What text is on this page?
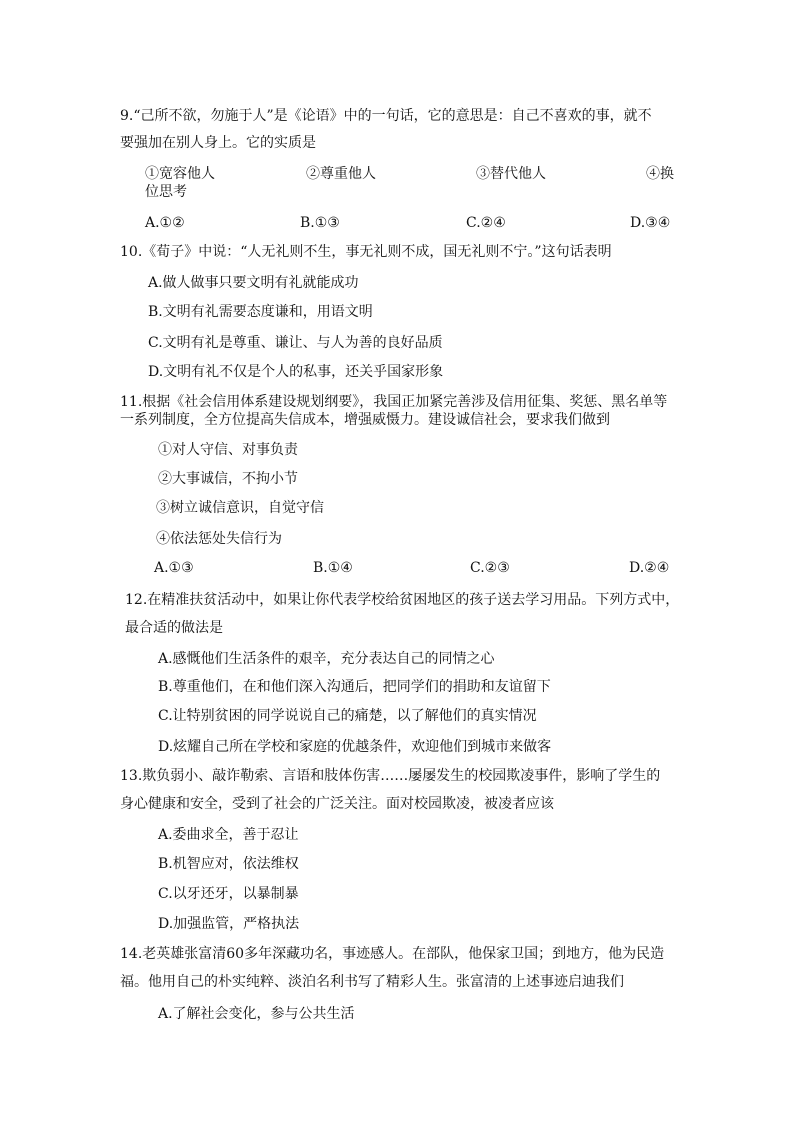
9.“己所不欲，勿施于人”是《论语》中的一句话，它的意思是：自己不喜欢的事，就不
要强加在别人身上。它的实质是
①宽容他人	②尊重他人	③替代他人	④换
位思考
A.①②	B.①③	C.②④	D.③④
10.《荀子》中说：“人无礼则不生，事无礼则不成，国无礼则不宁。”这句话表明
A.做人做事只要文明有礼就能成功
B.文明有礼需要态度谦和，用语文明
C.文明有礼是尊重、谦让、与人为善的良好品质
D.文明有礼不仅是个人的私事，还关乎国家形象
11.根据《社会信用体系建设规划纲要》，我国正加紧完善涉及信用征集、奖惩、黑名单等
一系列制度，全方位提高失信成本，增强威慑力。建设诚信社会，要求我们做到
①对人守信、对事负责
②大事诚信，不拘小节
③树立诚信意识，自觉守信
④依法惩处失信行为
A.①③	B.①④	C.②③	D.②④
12.在精准扶贫活动中，如果让你代表学校给贫困地区的孩子送去学习用品。下列方式中，
最合适的做法是
A.感慨他们生活条件的艰辛，充分表达自己的同情之心
B.尊重他们，在和他们深入沟通后，把同学们的捐助和友谊留下
C.让特别贫困的同学说说自己的痛楚，以了解他们的真实情况
D.炫耀自己所在学校和家庭的优越条件，欢迎他们到城市来做客
13.欺负弱小、敲诈勒索、言语和肢体伤害……屡屡发生的校园欺凌事件，影响了学生的
身心健康和安全，受到了社会的广泛关注。面对校园欺凌，被凌者应该
A.委曲求全，善于忍让
B.机智应对，依法维权
C.以牙还牙，以暴制暴
D.加强监管，严格执法
14.老英雄张富清60多年深藏功名，事迹感人。在部队，他保家卫国；到地方，他为民造
福。他用自己的朴实纯粹、淡泊名利书写了精彩人生。张富清的上述事迹启迪我们
A.了解社会变化，参与公共生活
